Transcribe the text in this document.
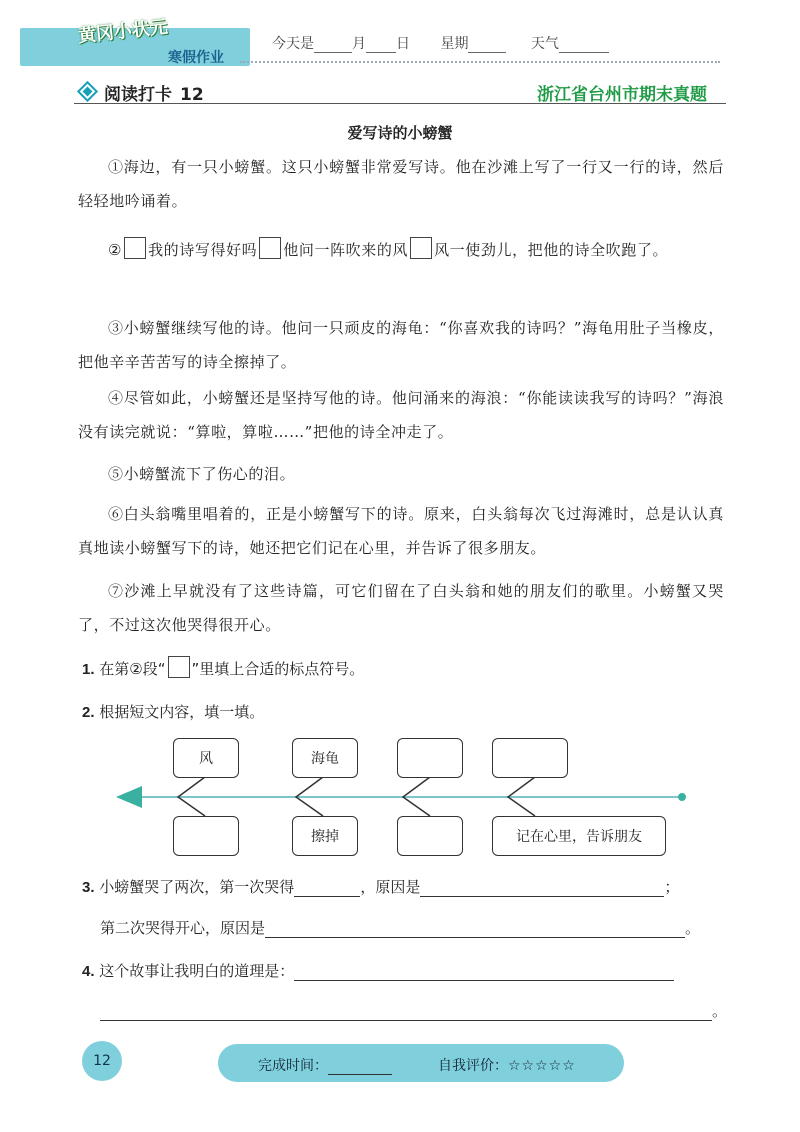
黄冈小状元
寒假作业
今天是	月 日 星期	天气
阅读打卡 12	浙江省台州市期末真题
爱写诗的小螃蟹
①海边，有一只小螃蟹。这只小螃蟹非常爱写诗。他在沙滩上写了一行又一行的诗，然后轻轻地吟诵着。
② 我的诗写得好吗 他问一阵吹来的风 风一使劲儿，把他的诗全吹跑了。
③小螃蟹继续写他的诗。他问一只顽皮的海龟：“你喜欢我的诗吗？”海龟用肚子当橡皮，把他辛辛苦苦写的诗全擦掉了。
④尽管如此，小螃蟹还是坚持写他的诗。他问涌来的海浪：“你能读读我写的诗吗？”海浪没有读完就说：“算啦，算啦……”把他的诗全冲走了。
⑤小螃蟹流下了伤心的泪。
⑥白头翁嘴里唱着的，正是小螃蟹写下的诗。原来，白头翁每次飞过海滩时，总是认认真真地读小螃蟹写下的诗，她还把它们记在心里，并告诉了很多朋友。
⑦沙滩上早就没有了这些诗篇，可它们留在了白头翁和她的朋友们的歌里。小螃蟹又哭了，不过这次他哭得很开心。
1. 在第②段“ ”里填上合适的标点符号。
2. 根据短文内容，填一填。
风	海龟
擦掉	记在心里，告诉朋友
3. 小螃蟹哭了两次，第一次哭得	，原因是	；
第二次哭得开心，原因是	。
4. 这个故事让我明白的道理是：
。
12	完成时间：	自我评价：☆☆☆☆☆
